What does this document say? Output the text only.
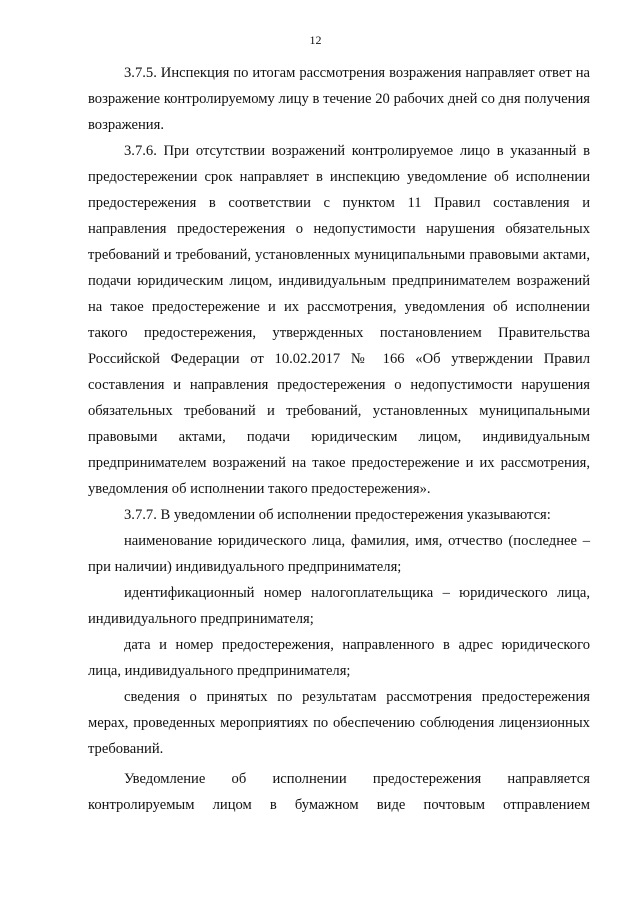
12

3.7.5. Инспекция по итогам рассмотрения возражения направляет ответ на возражение контролируемому лицу в течение 20 рабочих дней со дня получения возражения.

3.7.6. При отсутствии возражений контролируемое лицо в указанный в предостережении срок направляет в инспекцию уведомление об исполнении предостережения в соответствии с пунктом 11 Правил составления и направления предостережения о недопустимости нарушения обязательных требований и требований, установленных муниципальными правовыми актами, подачи юридическим лицом, индивидуальным предпринимателем возражений на такое предостережение и их рассмотрения, уведомления об исполнении такого предостережения, утвержденных постановлением Правительства Российской Федерации от 10.02.2017 № 166 «Об утверждении Правил составления и направления предостережения о недопустимости нарушения обязательных требований и требований, установленных муниципальными правовыми актами, подачи юридическим лицом, индивидуальным предпринимателем возражений на такое предостережение и их рассмотрения, уведомления об исполнении такого предостережения».

3.7.7. В уведомлении об исполнении предостережения указываются:

наименование юридического лица, фамилия, имя, отчество (последнее – при наличии) индивидуального предпринимателя;

идентификационный номер налогоплательщика – юридического лица, индивидуального предпринимателя;

дата и номер предостережения, направленного в адрес юридического лица, индивидуального предпринимателя;

сведения о принятых по результатам рассмотрения предостережения мерах, проведенных мероприятиях по обеспечению соблюдения лицензионных требований.

Уведомление об исполнении предостережения направляется контролируемым лицом в бумажном виде почтовым отправлением
